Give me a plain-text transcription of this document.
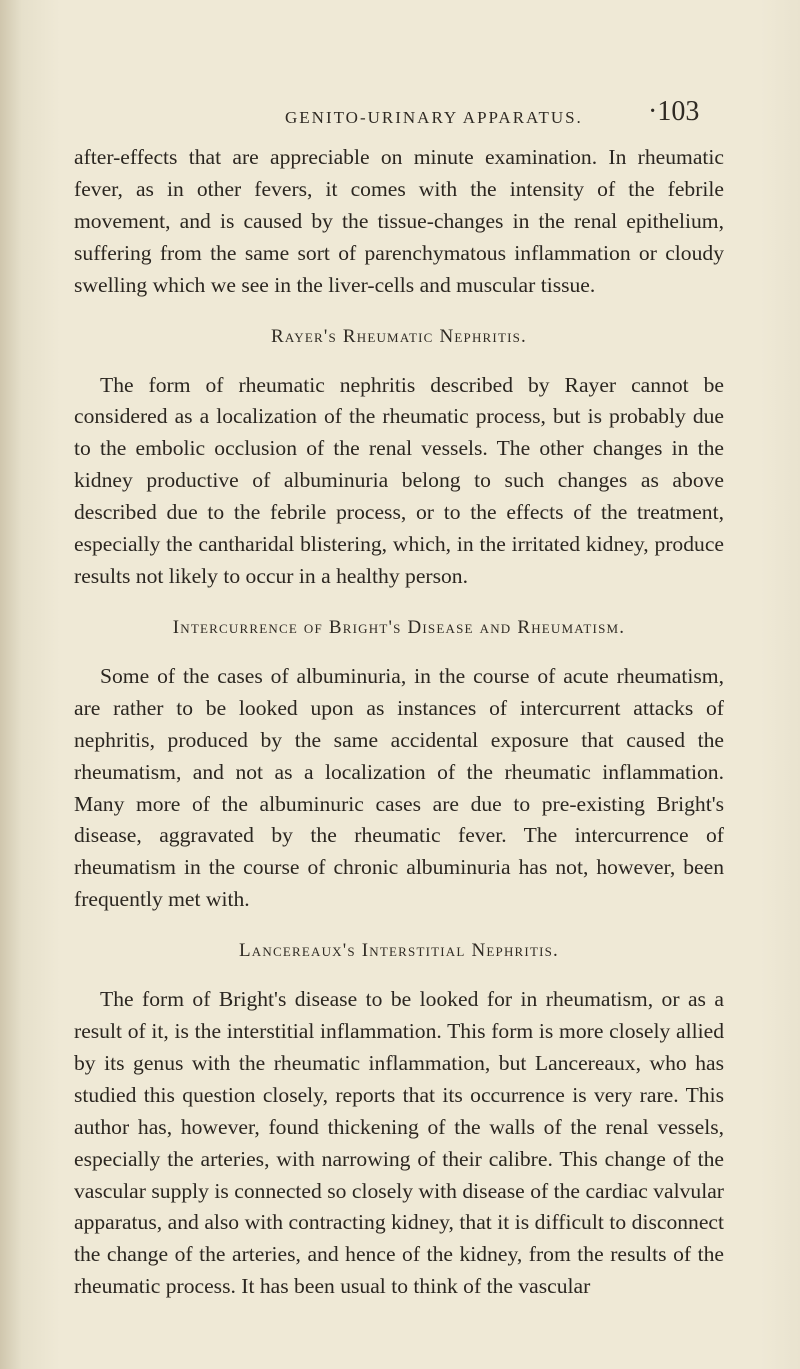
GENITO-URINARY APPARATUS. ·103

after-effects that are appreciable on minute examination. In rheumatic fever, as in other fevers, it comes with the intensity of the febrile movement, and is caused by the tissue-changes in the renal epithelium, suffering from the same sort of parenchymatous inflammation or cloudy swelling which we see in the liver-cells and muscular tissue.

Rayer's Rheumatic Nephritis.

The form of rheumatic nephritis described by Rayer cannot be considered as a localization of the rheumatic process, but is probably due to the embolic occlusion of the renal vessels. The other changes in the kidney productive of albuminuria belong to such changes as above described due to the febrile process, or to the effects of the treatment, especially the cantharidal blistering, which, in the irritated kidney, produce results not likely to occur in a healthy person.

Intercurrence of Bright's Disease and Rheumatism.

Some of the cases of albuminuria, in the course of acute rheumatism, are rather to be looked upon as instances of intercurrent attacks of nephritis, produced by the same accidental exposure that caused the rheumatism, and not as a localization of the rheumatic inflammation. Many more of the albuminuric cases are due to pre-existing Bright's disease, aggravated by the rheumatic fever. The intercurrence of rheumatism in the course of chronic albuminuria has not, however, been frequently met with.

Lancereaux's Interstitial Nephritis.

The form of Bright's disease to be looked for in rheumatism, or as a result of it, is the interstitial inflammation. This form is more closely allied by its genus with the rheumatic inflammation, but Lancereaux, who has studied this question closely, reports that its occurrence is very rare. This author has, however, found thickening of the walls of the renal vessels, especially the arteries, with narrowing of their calibre. This change of the vascular supply is connected so closely with disease of the cardiac valvular apparatus, and also with contracting kidney, that it is difficult to disconnect the change of the arteries, and hence of the kidney, from the results of the rheumatic process. It has been usual to think of the vascular
